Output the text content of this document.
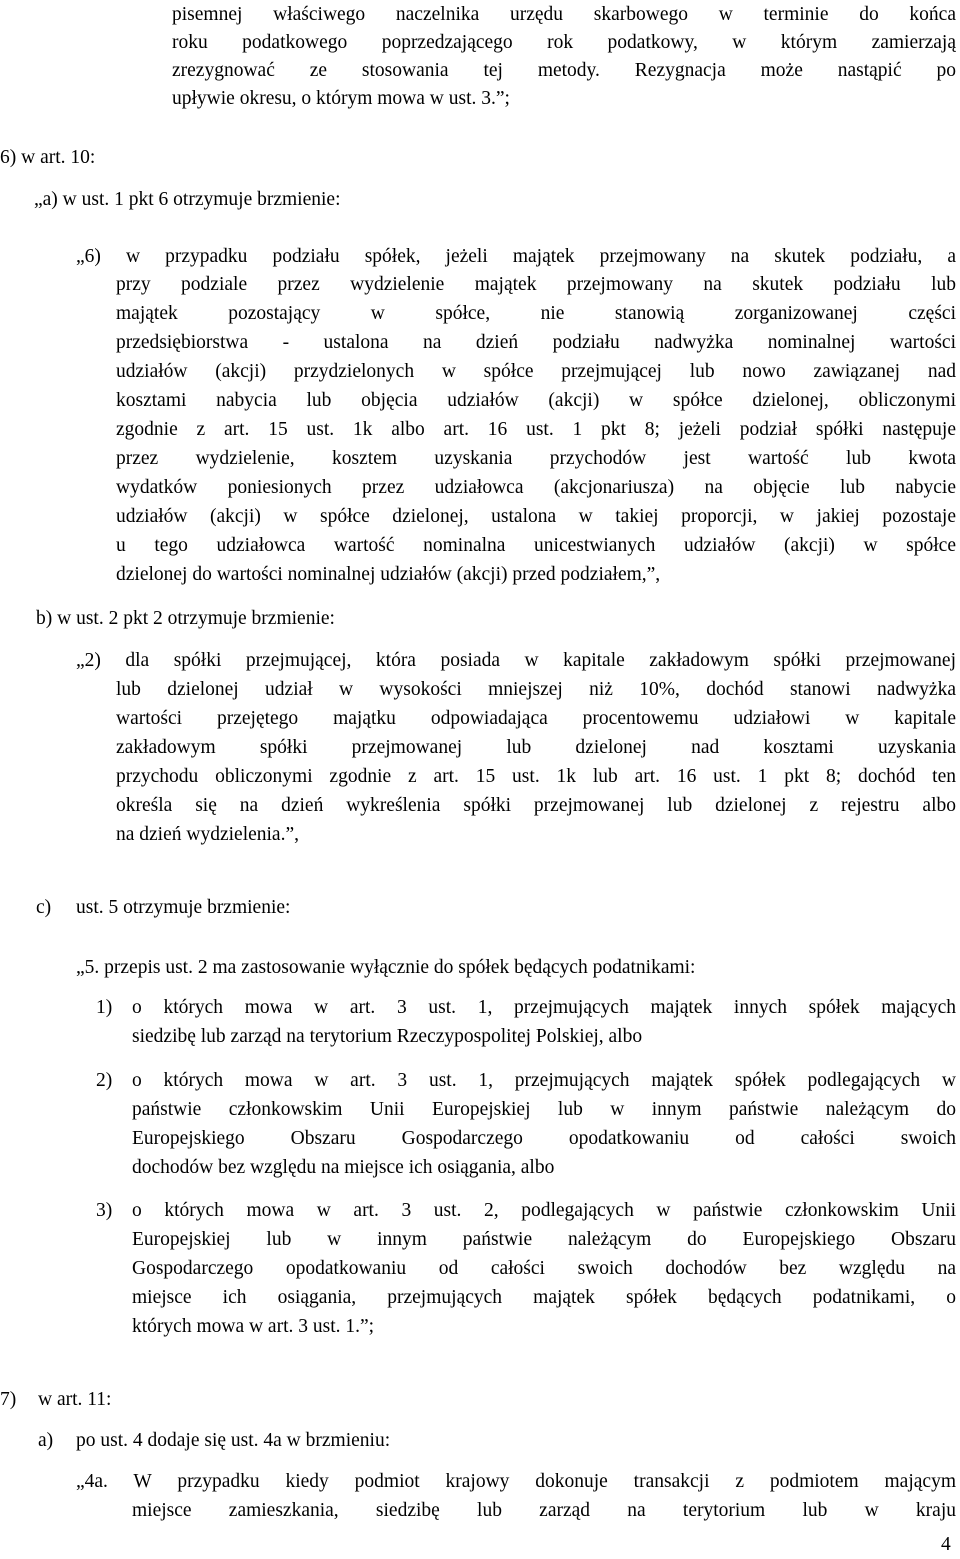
pisemnej właściwego naczelnika urzędu skarbowego w terminie do końca
roku podatkowego poprzedzającego rok podatkowy, w którym zamierzają
zrezygnować ze stosowania tej metody. Rezygnacja może nastąpić po
upływie okresu, o którym mowa w ust. 3.”;
6) w art. 10:
„a) w ust. 1 pkt 6 otrzymuje brzmienie:
„6) w przypadku podziału spółek, jeżeli majątek przejmowany na skutek podziału, a
przy podziale przez wydzielenie majątek przejmowany na skutek podziału lub
majątek pozostający w spółce, nie stanowią zorganizowanej części
przedsiębiorstwa - ustalona na dzień podziału nadwyżka nominalnej wartości
udziałów (akcji) przydzielonych w spółce przejmującej lub nowo zawiązanej nad
kosztami nabycia lub objęcia udziałów (akcji) w spółce dzielonej, obliczonymi
zgodnie z art. 15 ust. 1k albo art. 16 ust. 1 pkt 8; jeżeli podział spółki następuje
przez wydzielenie, kosztem uzyskania przychodów jest wartość lub kwota
wydatków poniesionych przez udziałowca (akcjonariusza) na objęcie lub nabycie
udziałów (akcji) w spółce dzielonej, ustalona w takiej proporcji, w jakiej pozostaje
u tego udziałowca wartość nominalna unicestwianych udziałów (akcji) w spółce
dzielonej do wartości nominalnej udziałów (akcji) przed podziałem,”,
b) w ust. 2 pkt 2 otrzymuje brzmienie:
„2) dla spółki przejmującej, która posiada w kapitale zakładowym spółki przejmowanej
lub dzielonej udział w wysokości mniejszej niż 10%, dochód stanowi nadwyżka
wartości przejętego majątku odpowiadająca procentowemu udziałowi w kapitale
zakładowym spółki przejmowanej lub dzielonej nad kosztami uzyskania
przychodu obliczonymi zgodnie z art. 15 ust. 1k lub art. 16 ust. 1 pkt 8; dochód ten
określa się na dzień wykreślenia spółki przejmowanej lub dzielonej z rejestru albo
na dzień wydzielenia.”,
c) ust. 5 otrzymuje brzmienie:
„5. przepis ust. 2 ma zastosowanie wyłącznie do spółek będących podatnikami:
1) o których mowa w art. 3 ust. 1, przejmujących majątek innych spółek mających
siedzibę lub zarząd na terytorium Rzeczypospolitej Polskiej, albo
2) o których mowa w art. 3 ust. 1, przejmujących majątek spółek podlegających w
państwie członkowskim Unii Europejskiej lub w innym państwie należącym do
Europejskiego Obszaru Gospodarczego opodatkowaniu od całości swoich
dochodów bez względu na miejsce ich osiągania, albo
3) o których mowa w art. 3 ust. 2, podlegających w państwie członkowskim Unii
Europejskiej lub w innym państwie należącym do Europejskiego Obszaru
Gospodarczego opodatkowaniu od całości swoich dochodów bez względu na
miejsce ich osiągania, przejmujących majątek spółek będących podatnikami, o
których mowa w art. 3 ust. 1.”;
7) w art. 11:
a) po ust. 4 dodaje się ust. 4a w brzmieniu:
„4a. W przypadku kiedy podmiot krajowy dokonuje transakcji z podmiotem mającym
miejsce zamieszkania, siedzibę lub zarząd na terytorium lub w kraju
4
